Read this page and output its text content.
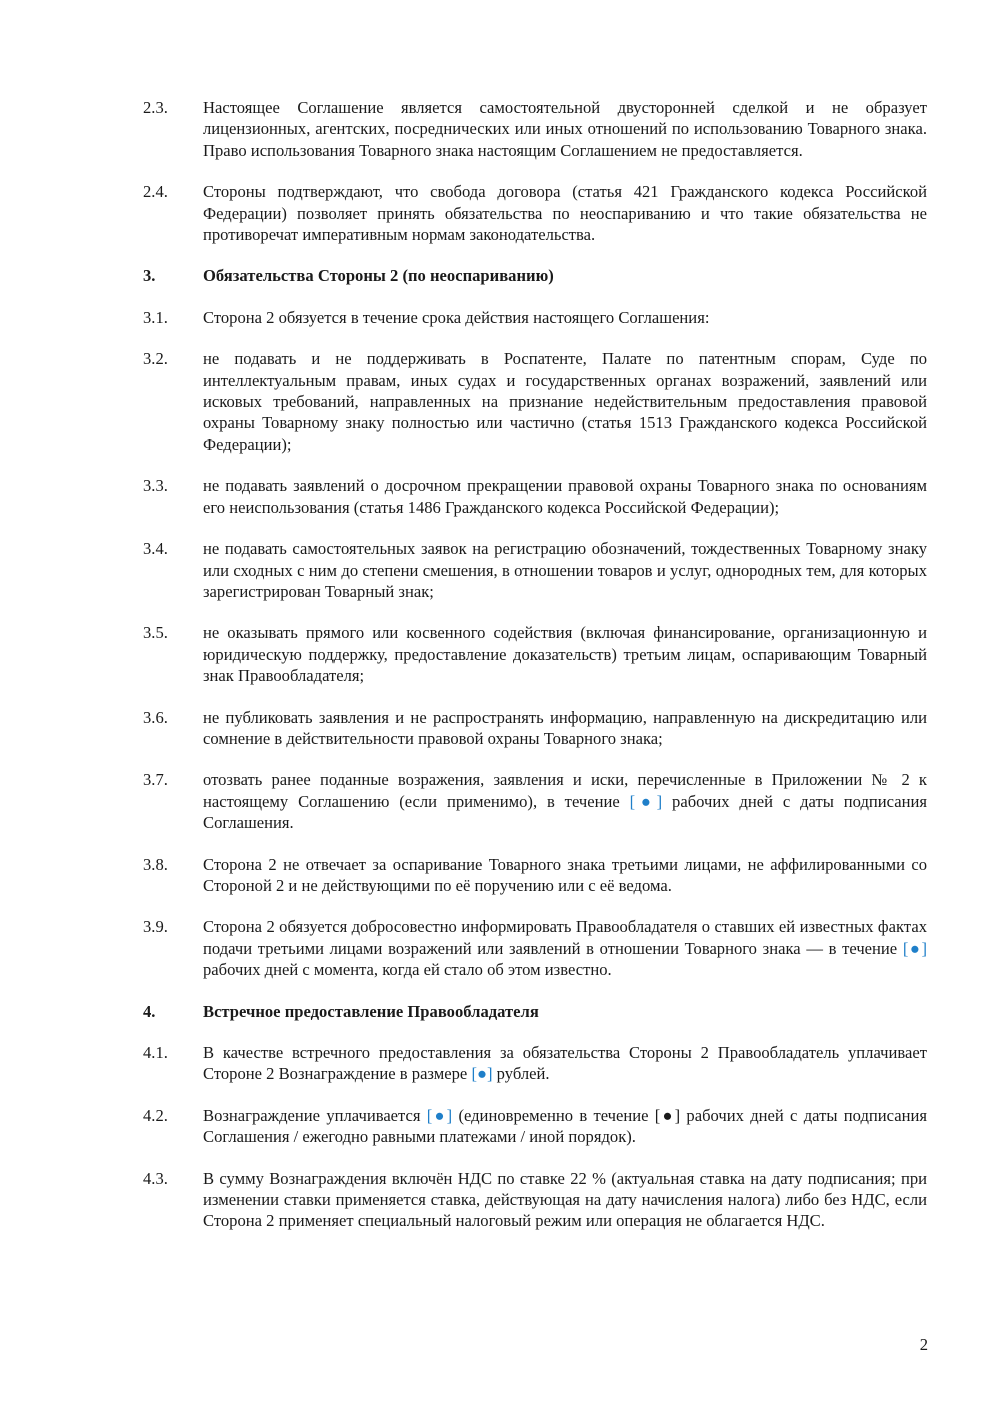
2.3.	Настоящее Соглашение является самостоятельной двусторонней сделкой и не образует лицензионных, агентских, посреднических или иных отношений по использованию Товарного знака. Право использования Товарного знака настоящим Соглашением не предоставляется.
2.4.	Стороны подтверждают, что свобода договора (статья 421 Гражданского кодекса Российской Федерации) позволяет принять обязательства по неоспариванию и что такие обязательства не противоречат императивным нормам законодательства.
3.	Обязательства Стороны 2 (по неоспариванию)
3.1.	Сторона 2 обязуется в течение срока действия настоящего Соглашения:
3.2.	не подавать и не поддерживать в Роспатенте, Палате по патентным спорам, Суде по интеллектуальным правам, иных судах и государственных органах возражений, заявлений или исковых требований, направленных на признание недействительным предоставления правовой охраны Товарному знаку полностью или частично (статья 1513 Гражданского кодекса Российской Федерации);
3.3.	не подавать заявлений о досрочном прекращении правовой охраны Товарного знака по основаниям его неиспользования (статья 1486 Гражданского кодекса Российской Федерации);
3.4.	не подавать самостоятельных заявок на регистрацию обозначений, тождественных Товарному знаку или сходных с ним до степени смешения, в отношении товаров и услуг, однородных тем, для которых зарегистрирован Товарный знак;
3.5.	не оказывать прямого или косвенного содействия (включая финансирование, организационную и юридическую поддержку, предоставление доказательств) третьим лицам, оспаривающим Товарный знак Правообладателя;
3.6.	не публиковать заявления и не распространять информацию, направленную на дискредитацию или сомнение в действительности правовой охраны Товарного знака;
3.7.	отозвать ранее поданные возражения, заявления и иски, перечисленные в Приложении № 2 к настоящему Соглашению (если применимо), в течение [●] рабочих дней с даты подписания Соглашения.
3.8.	Сторона 2 не отвечает за оспаривание Товарного знака третьими лицами, не аффилированными со Стороной 2 и не действующими по её поручению или с её ведома.
3.9.	Сторона 2 обязуется добросовестно информировать Правообладателя о ставших ей известных фактах подачи третьими лицами возражений или заявлений в отношении Товарного знака — в течение [●] рабочих дней с момента, когда ей стало об этом известно.
4.	Встречное предоставление Правообладателя
4.1.	В качестве встречного предоставления за обязательства Стороны 2 Правообладатель уплачивает Стороне 2 Вознаграждение в размере [●] рублей.
4.2.	Вознаграждение уплачивается [●] (единовременно в течение [●] рабочих дней с даты подписания Соглашения / ежегодно равными платежами / иной порядок).
4.3.	В сумму Вознаграждения включён НДС по ставке 22 % (актуальная ставка на дату подписания; при изменении ставки применяется ставка, действующая на дату начисления налога) либо без НДС, если Сторона 2 применяет специальный налоговый режим или операция не облагается НДС.
2
